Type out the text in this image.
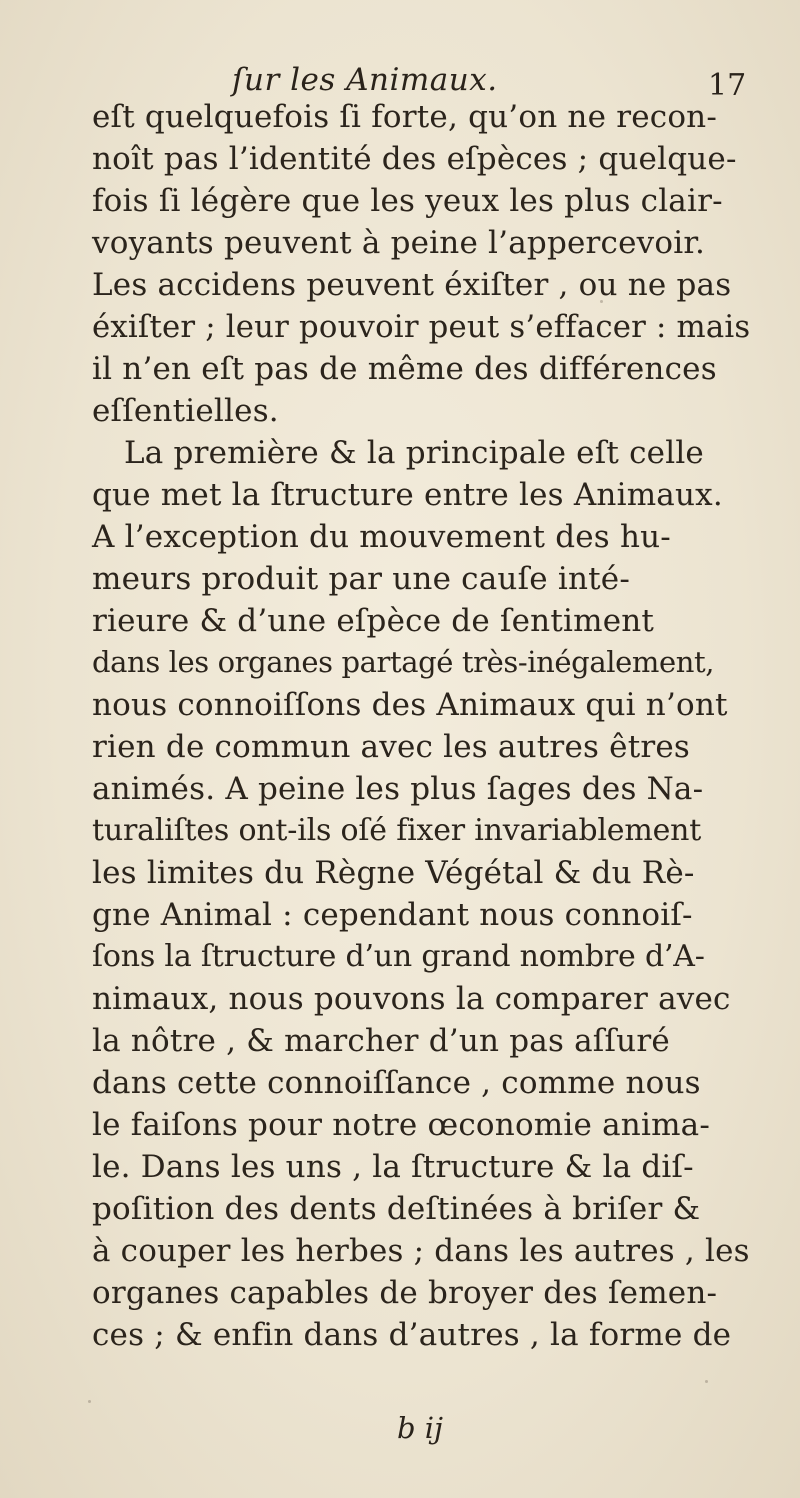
ſur les Animaux.	17
eſt quelquefois ſi forte, qu’on ne recon-
noît pas l’identité des eſpèces ; quelque-
fois ſi légère que les yeux les plus clair-
voyants peuvent à peine l’appercevoir.
Les accidens peuvent éxiſter , ou ne pas
éxiſter ; leur pouvoir peut s’effacer : mais
il n’en eſt pas de même des différences
eſſentielles.
La première & la principale eſt celle
que met la ſtructure entre les Animaux.
A l’exception du mouvement des hu-
meurs produit par une cauſe inté-
rieure & d’une eſpèce de ſentiment
dans les organes partagé très-inégalement,
nous connoiſſons des Animaux qui n’ont
rien de commun avec les autres êtres
animés. A peine les plus ſages des Na-
turaliſtes ont-ils oſé fixer invariablement
les limites du Règne Végétal & du Rè-
gne Animal : cependant nous connoiſ-
ſons la ſtructure d’un grand nombre d’A-
nimaux, nous pouvons la comparer avec
la nôtre , & marcher d’un pas aſſuré
dans cette connoiſſance , comme nous
le faiſons pour notre œconomie anima-
le. Dans les uns , la ſtructure & la diſ-
poſition des dents deſtinées à briſer &
à couper les herbes ; dans les autres , les
organes capables de broyer des ſemen-
ces ; & enfin dans d’autres , la forme de
b ij
